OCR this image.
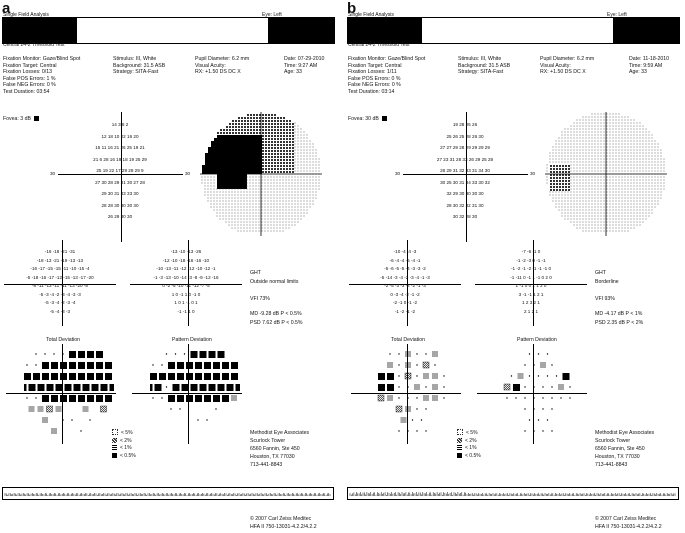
a
Single Field Analysis	Eye: Left
Central 24-2 Threshold Test
Fixation Monitor: Gaze/Blind Spot
Fixation Target: Central
Fixation Losses: 0/13
False POS Errors: 1 %
False NEG Errors: 0 %
Test Duration: 03:54
Stimulus: III, White
Background: 31.5 ASB
Strategy: SITA-Fast
Pupil Diameter: 6.2 mm
Visual Acuity:
RX: +1.50 DS DC X
Date: 07-29-2010
Time: 9:27 AM
Age: 33
Fovea: 3 dB
30	30
14 3 8 2
12 18 10 22 16 20
15 11 16 21 26 25 19 21
21 6 28 16 19 18 19 25 29
25 19 22 17 29 28 29 9
27 30 28 29 31 30 27 28
29 30 31 33 33 30
28 28 30 30 30 30
26 29 30 30
-16 -18 -21 -31
-18 -13 -21 -19 -13 -13
-16 -17 -15 -15 -11 -10 -15 -4
-5 -18 -16 -17 -12 -15 -13 -17 -20
-8 -11 -13 -11 -11 -13 -20 -8
-5 -3 -4 -2 -3 -4 -3 -3
-5 -3 -4 -2 -3 -4
-5 -4 -3 -3
-13 -10 -13 -26
-12 -10 -18 -16 -16 -10
-10 -13 -11 -12 -12 -10 -12 -1
-1 -3 -13 -10 -14 -3 -8 -9 -12 -16
0 -2 -5 -10 -11 -12 -7 -5
1 0 -1 1 0 -1 0
1 0 1 -1 0 1
-1 -1 1 0
GHT
Outside normal limits
VFI 73%
MD -9.28 dB P < 0.5%
PSD 7.62 dB P < 0.5%
Total Deviation	Pattern Deviation
< 5%
< 2%
< 1%
< 0.5%
Methodist Eye Associates
Scurlock Tower
6560 Fannin, Ste 450
Houston, TX 77030
713-441-8843
© 2007 Carl Zeiss Meditec
HFA II 750-13031-4.2.2/4.2.2
b
Single Field Analysis	Eye: Left
Central 24-2 Threshold Test
Fixation Monitor: Gaze/Blind Spot
Fixation Target: Central
Fixation Losses: 1/11
False POS Errors: 0 %
False NEG Errors: 0 %
Test Duration: 03:14
Stimulus: III, White
Background: 31.5 ASB
Strategy: SITA-Fast
Pupil Diameter: 6.2 mm
Visual Acuity:
RX: +1.50 DS DC X
Date: 11-18-2010
Time: 9:59 AM
Age: 33
Fovea: 30 dB
30	30
19 28 25 26
25 26 25 28 26 30
27 27 29 28 29 29 29 29
27 23 31 28 33 26 29 25 28
26 29 31 32 33 31 34 30
30 25 30 31 34 33 30 32
32 29 30 30 30 30
28 30 32 32 31 30
30 32 28 30
-10 -4 -4 -3
-6 -4 -4 -5 -4 -1
-5 -6 -5 -5 -4 -3 -3 -2
-5 -14 -3 -4 -2 -3 -4 -1 -3
-2 -5 -3 -3 -2 -2 -1 -3
0 -3 -4 -2 -1 -2
-2 -1 0 -1 -2
-1 -2 -1 -2
-7 -6 -1 0
-1 -2 -3 0 -1 -1
-1 -2 -1 -2 -1 -1 -1 0
-1 -11 0 -1 1 -1 0 2 0
1 -1 0 0 1 1 2 0
3 -1 -1 1 2 1
1 2 3 2 1
2 1 2 1
GHT
Borderline
VFI 93%
MD -4.17 dB P < 1%
PSD 2.35 dB P < 2%
Total Deviation	Pattern Deviation
< 5%
< 2%
< 1%
< 0.5%
Methodist Eye Associates
Scurlock Tower
6560 Fannin, Ste 450
Houston, TX 77030
713-441-8843
© 2007 Carl Zeiss Meditec
HFA II 750-13031-4.2.2/4.2.2
